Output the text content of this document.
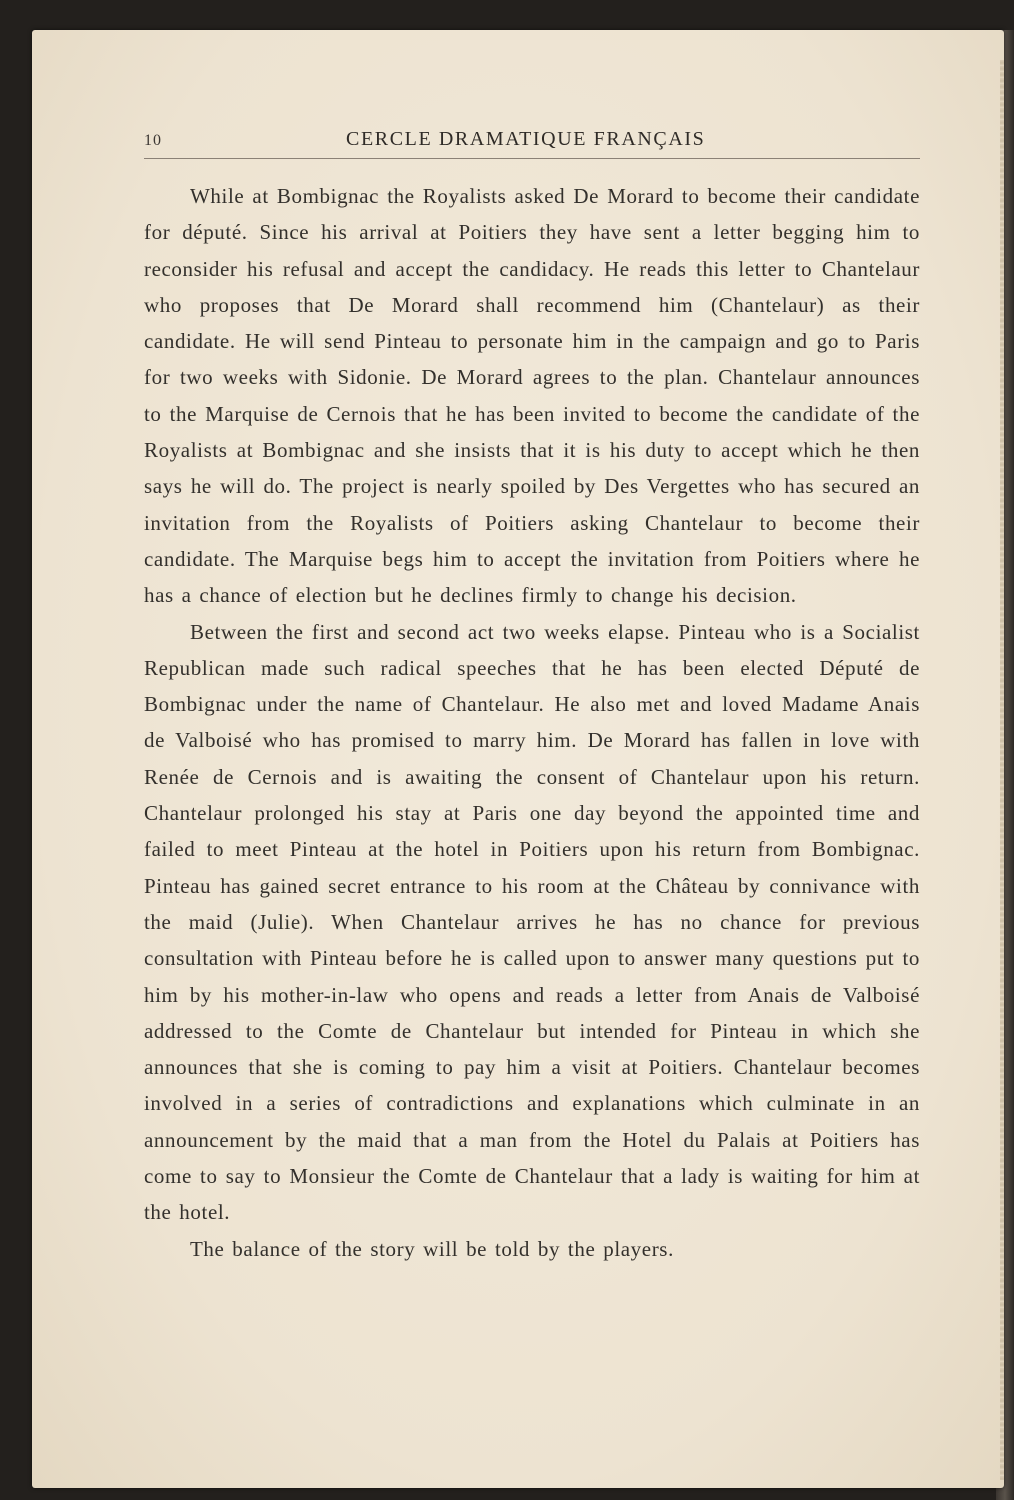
10	CERCLE DRAMATIQUE FRANÇAIS

While at Bombignac the Royalists asked De Morard to become their candidate for député. Since his arrival at Poitiers they have sent a letter begging him to reconsider his refusal and accept the candidacy. He reads this letter to Chantelaur who proposes that De Morard shall recommend him (Chantelaur) as their candidate. He will send Pinteau to personate him in the campaign and go to Paris for two weeks with Sidonie. De Morard agrees to the plan. Chantelaur announces to the Marquise de Cernois that he has been invited to become the candidate of the Royalists at Bombignac and she insists that it is his duty to accept which he then says he will do. The project is nearly spoiled by Des Vergettes who has secured an invitation from the Royalists of Poitiers asking Chantelaur to become their candidate. The Marquise begs him to accept the invitation from Poitiers where he has a chance of election but he declines firmly to change his decision.

Between the first and second act two weeks elapse. Pinteau who is a Socialist Republican made such radical speeches that he has been elected Député de Bombignac under the name of Chantelaur. He also met and loved Madame Anais de Valboisé who has promised to marry him. De Morard has fallen in love with Renée de Cernois and is awaiting the consent of Chantelaur upon his return. Chantelaur prolonged his stay at Paris one day beyond the appointed time and failed to meet Pinteau at the hotel in Poitiers upon his return from Bombignac. Pinteau has gained secret entrance to his room at the Château by connivance with the maid (Julie). When Chantelaur arrives he has no chance for previous consultation with Pinteau before he is called upon to answer many questions put to him by his mother-in-law who opens and reads a letter from Anais de Valboisé addressed to the Comte de Chantelaur but intended for Pinteau in which she announces that she is coming to pay him a visit at Poitiers. Chantelaur becomes involved in a series of contradictions and explanations which culminate in an announcement by the maid that a man from the Hotel du Palais at Poitiers has come to say to Monsieur the Comte de Chantelaur that a lady is waiting for him at the hotel.

The balance of the story will be told by the players.
